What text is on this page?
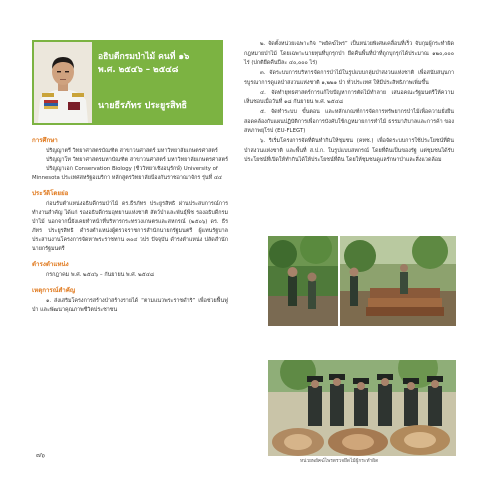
อธิบดีกรมป่าไม้ คนที่ ๑๖
พ.ศ. ๒๕๔๖ – ๒๕๔๘
นายธีรภัทร ประยูรสิทธิ
การศึกษา

ปริญญาตรี วิทยาศาสตรบัณฑิต สาขาวนศาสตร์ มหาวิทยาลัยเกษตรศาสตร์

ปริญญาโท วิทยาศาสตรมหาบัณฑิต สาขาวนศาสตร์ มหาวิทยาลัยเกษตรศาสตร์

ปริญญาเอก Conservation Biology (ชีววิทยาเชิงอนุรักษ์) University of Minnesota ประเทศสหรัฐอเมริกา หลักสูตรวิทยาลัยป้องกันราชอาณาจักร รุ่นที่ ๔๔

ประวัติโดยย่อ

ก่อนรับตำแหน่งอธิบดีกรมป่าไม้ ดร.ธีรภัทร ประยูรสิทธิ ผ่านประสบการณ์การทำงานสำคัญ ได้แก่ รองอธิบดีกรมอุทยานแห่งชาติ สัตว์ป่าและพันธุ์พืช รองอธิบดีกรมป่าไม้ นอกจากนี้ยังเคยทำหน้าที่บริหารกระทรวงเกษตรและสหกรณ์ (๒๕๐๖) ดร. ธีรภัทร ประยูรสิทธิ ดำรงตำแหน่งผู้ตรวจราชการสำนักนายกรัฐมนตรี ผู้แทนรัฐบาลประสานงานโครงการจัดหาพระราชทาน ๓๐๔ วปร ปัจจุบัน ดำรงตำแหน่ง ปลัดสำนักนายกรัฐมนตรี

ดำรงตำแหน่ง

กรกฎาคม พ.ศ. ๒๕๔๖ – กันยายน พ.ศ. ๒๕๔๘

เหตุการณ์สำคัญ

๑. ส่งเสริมโครงการสร้างป่าสร้างรายได้ “ตามแนวพระราชดำริ” เพื่อช่วยฟื้นฟูป่า และพัฒนาคุณภาพชีวิตประชาชน

๒. จัดตั้งหน่วยเฉพาะกิจ “พยัคฆ์ไพร” เป็นหน่วยพิเศษเคลื่อนที่เร็ว จับกุมผู้กระทำผิดกฎหมายป่าไม้ โดยเฉพาะนายทุนที่บุกรุกป่า ยึดคืนพื้นที่ป่าที่ถูกบุกรุกได้ประมาณ ๑๒๐,๐๐๐ ไร่ (ปกติยึดคืนปีละ ๔๐,๐๐๐ ไร่)

๓. จัดระบบการบริหารจัดการป่าไม้ในรูปแบบกลุ่มป่าสงวนแห่งชาติ เพื่อสนับสนุนการบูรณาการดูแลป่าสงวนแห่งชาติ ๑,๒๒๑ ป่า ทั่วประเทศ ให้มีประสิทธิภาพเพิ่มขึ้น

๔. จัดทำยุทธศาสตร์การแก้ไขปัญหาการตัดไม้ทำลาย เสนอคณะรัฐมนตรีให้ความเห็นชอบเมื่อวันที่ ๑๘ กันยายน พ.ศ. ๒๕๔๘

๕. จัดทำระบบ ขั้นตอน และหลักเกณฑ์การจัดการทรัพยากรป่าไม้เพื่อความยั่งยืน สอดคล้องกับแผนปฏิบัติการเพื่อการบังคับใช้กฎหมายการทำไม้ ธรรมาภิบาลและการค้า ของสหภาพยุโรป (EU-FLEGT)

๖. ริเริ่มโครงการจัดที่ดินทำกินให้ชุมชน (คทช.) เพื่อจัดระบบการใช้ประโยชน์ที่ดินป่าสงวนแห่งชาติ และพื้นที่ ส.ป.ก. ในรูปแบบสหกรณ์ โดยที่ดินเป็นของรัฐ แต่ชุมชนได้รับประโยชน์ที่เปิดให้ทำกินได้ให้ประโยชน์ที่ดิน โดยให้ชุมชนดูแลรักษาป่าและสิ่งแวดล้อม

หน่วยพยัคฆ์ไพรตรวจยึดไม้ผู้กระทำผิด
๗๖
